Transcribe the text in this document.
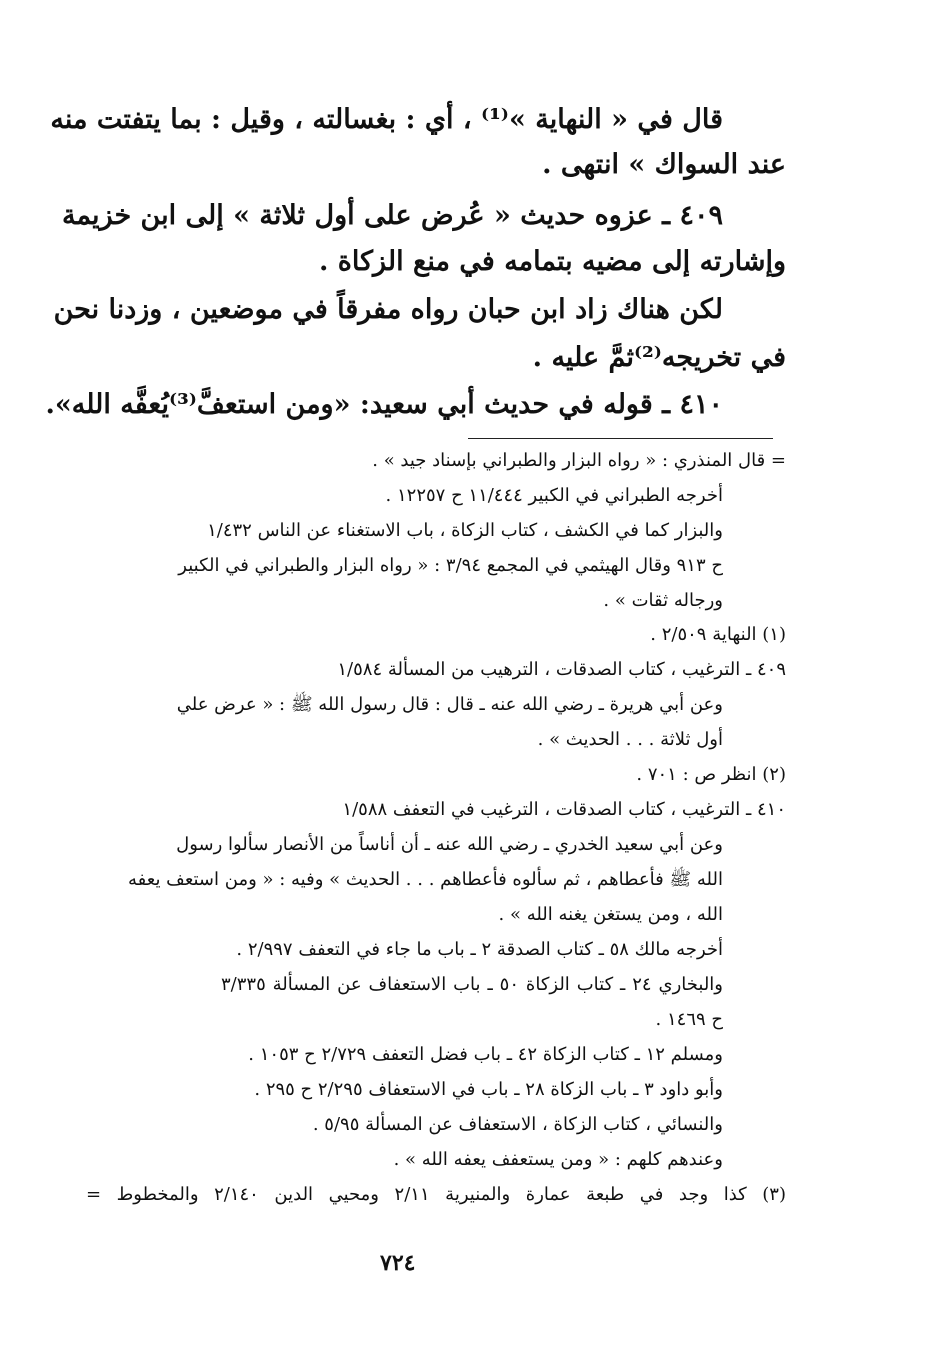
قال في « النهاية »⁽¹⁾ ، أي : بغسالته ، وقيل : بما يتفتت منه
عند السواك » انتهى .
٤٠٩ ـ عزوه حديث « عُرض على أول ثلاثة » إلى ابن خزيمة
وإشارته إلى مضيه بتمامه في منع الزكاة .
لكن هناك زاد ابن حبان رواه مفرقاً في موضعين ، وزدنا نحن
في تخريجه⁽²⁾ثمَّ عليه .
٤١٠ ـ قوله في حديث أبي سعيد: «ومن استعفَّ⁽³⁾يُعفَّه الله».
= قال المنذري : « رواه البزار والطبراني بإسناد جيد » .
أخرجه الطبراني في الكبير ١١/٤٤٤ ح ١٢٢٥٧ .
والبزار كما في الكشف ، كتاب الزكاة ، باب الاستغناء عن الناس ١/٤٣٢
ح ٩١٣ وقال الهيثمي في المجمع ٣/٩٤ : « رواه البزار والطبراني في الكبير
ورجاله ثقات » .
(١) النهاية ٢/٥٠٩ .
٤٠٩ ـ الترغيب ، كتاب الصدقات ، الترهيب من المسألة ١/٥٨٤
وعن أبي هريرة ـ رضي الله عنه ـ قال : قال رسول الله ﷺ : « عرض علي
أول ثلاثة . . . الحديث » .
(٢) انظر ص : ٧٠١ .
٤١٠ ـ الترغيب ، كتاب الصدقات ، الترغيب في التعفف ١/٥٨٨
وعن أبي سعيد الخدري ـ رضي الله عنه ـ أن أناساً من الأنصار سألوا رسول
الله ﷺ فأعطاهم ، ثم سألوه فأعطاهم . . . الحديث » وفيه : « ومن استعف يعفه
الله ، ومن يستغن يغنه الله » .
أخرجه مالك ٥٨ ـ كتاب الصدقة ٢ ـ باب ما جاء في التعفف ٢/٩٩٧ .
والبخاري ٢٤ ـ كتاب الزكاة ٥٠ ـ باب الاستعفاف عن المسألة ٣/٣٣٥
ح ١٤٦٩ .
ومسلم ١٢ ـ كتاب الزكاة ٤٢ ـ باب فضل التعفف ٢/٧٢٩ ح ١٠٥٣ .
وأبو داود ٣ ـ باب الزكاة ٢٨ ـ باب في الاستعفاف ٢/٢٩٥ ح ٢٩٥ .
والنسائي ، كتاب الزكاة ، الاستعفاف عن المسألة ٥/٩٥ .
وعندهم كلهم : « ومن يستعفف يعفه الله » .
(٣) كذا وجد في طبعة عمارة والمنيرية ٢/١١ ومحيي الدين ٢/١٤٠ والمخطوط =
٧٢٤
